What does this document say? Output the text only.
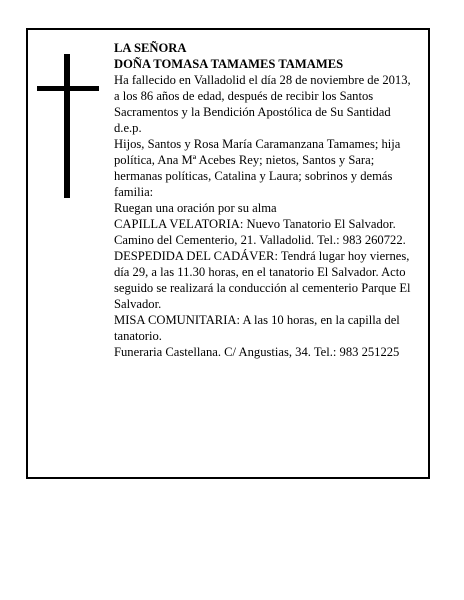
LA SEÑORA
DOÑA TOMASA TAMAMES TAMAMES
Ha fallecido en Valladolid el día 28 de noviembre de 2013, a los 86 años de edad, después de recibir los Santos Sacramentos y la Bendición Apostólica de Su Santidad
d.e.p.
Hijos, Santos y Rosa María Caramanzana Tamames; hija política, Ana Mª Acebes Rey; nietos, Santos y Sara; hermanas políticas, Catalina y Laura; sobrinos y demás familia:
Ruegan una oración por su alma
CAPILLA VELATORIA: Nuevo Tanatorio El Salvador. Camino del Cementerio, 21. Valladolid. Tel.: 983 260722.
DESPEDIDA DEL CADÁVER: Tendrá lugar hoy viernes, día 29, a las 11.30 horas, en el tanatorio El Salvador. Acto seguido se realizará la conducción al cementerio Parque El Salvador.
MISA COMUNITARIA: A las 10 horas, en la capilla del tanatorio.
Funeraria Castellana. C/ Angustias, 34. Tel.: 983 251225
